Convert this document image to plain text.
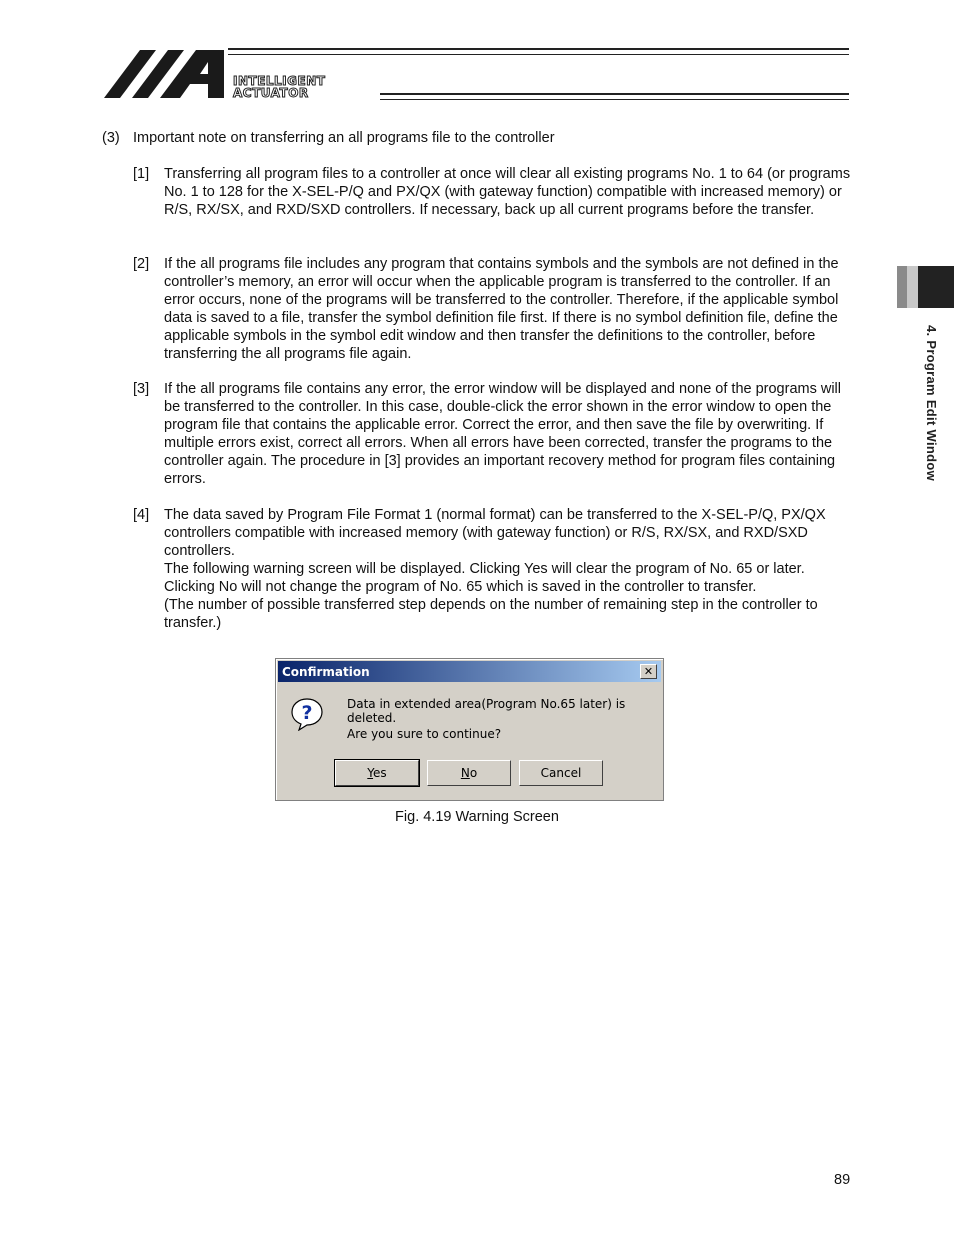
INTELLIGENT
ACTUATOR
4. Program Edit Window
(3) Important note on transferring an all programs file to the controller
[1] Transferring all program files to a controller at once will clear all existing programs No. 1 to 64 (or programs No. 1 to 128 for the X-SEL-P/Q and PX/QX (with gateway function) compatible with increased memory) or R/S, RX/SX, and RXD/SXD controllers. If necessary, back up all current programs before the transfer.

[2] If the all programs file includes any program that contains symbols and the symbols are not defined in the controller’s memory, an error will occur when the applicable program is transferred to the controller. If an error occurs, none of the programs will be transferred to the controller. Therefore, if the applicable symbol data is saved to a file, transfer the symbol definition file first. If there is no symbol definition file, define the applicable symbols in the symbol edit window and then transfer the definitions to the controller, before transferring the all programs file again.

[3] If the all programs file contains any error, the error window will be displayed and none of the programs will be transferred to the controller. In this case, double-click the error shown in the error window to open the program file that contains the applicable error. Correct the error, and then save the file by overwriting. If multiple errors exist, correct all errors. When all errors have been corrected, transfer the programs to the controller again. The procedure in [3] provides an important recovery method for program files containing errors.

[4] The data saved by Program File Format 1 (normal format) can be transferred to the X-SEL-P/Q, PX/QX controllers compatible with increased memory (with gateway function) or R/S, RX/SX, and RXD/SXD controllers.

The following warning screen will be displayed. Clicking Yes will clear the program of No. 65 or later. Clicking No will not change the program of No. 65 which is saved in the controller to transfer.

(The number of possible transferred step depends on the number of remaining step in the controller to transfer.)

Confirmation	✕
?	Data in extended area(Program No.65 later) is deleted.
Are you sure to continue?
Yes	No	Cancel
Fig. 4.19 Warning Screen
89
